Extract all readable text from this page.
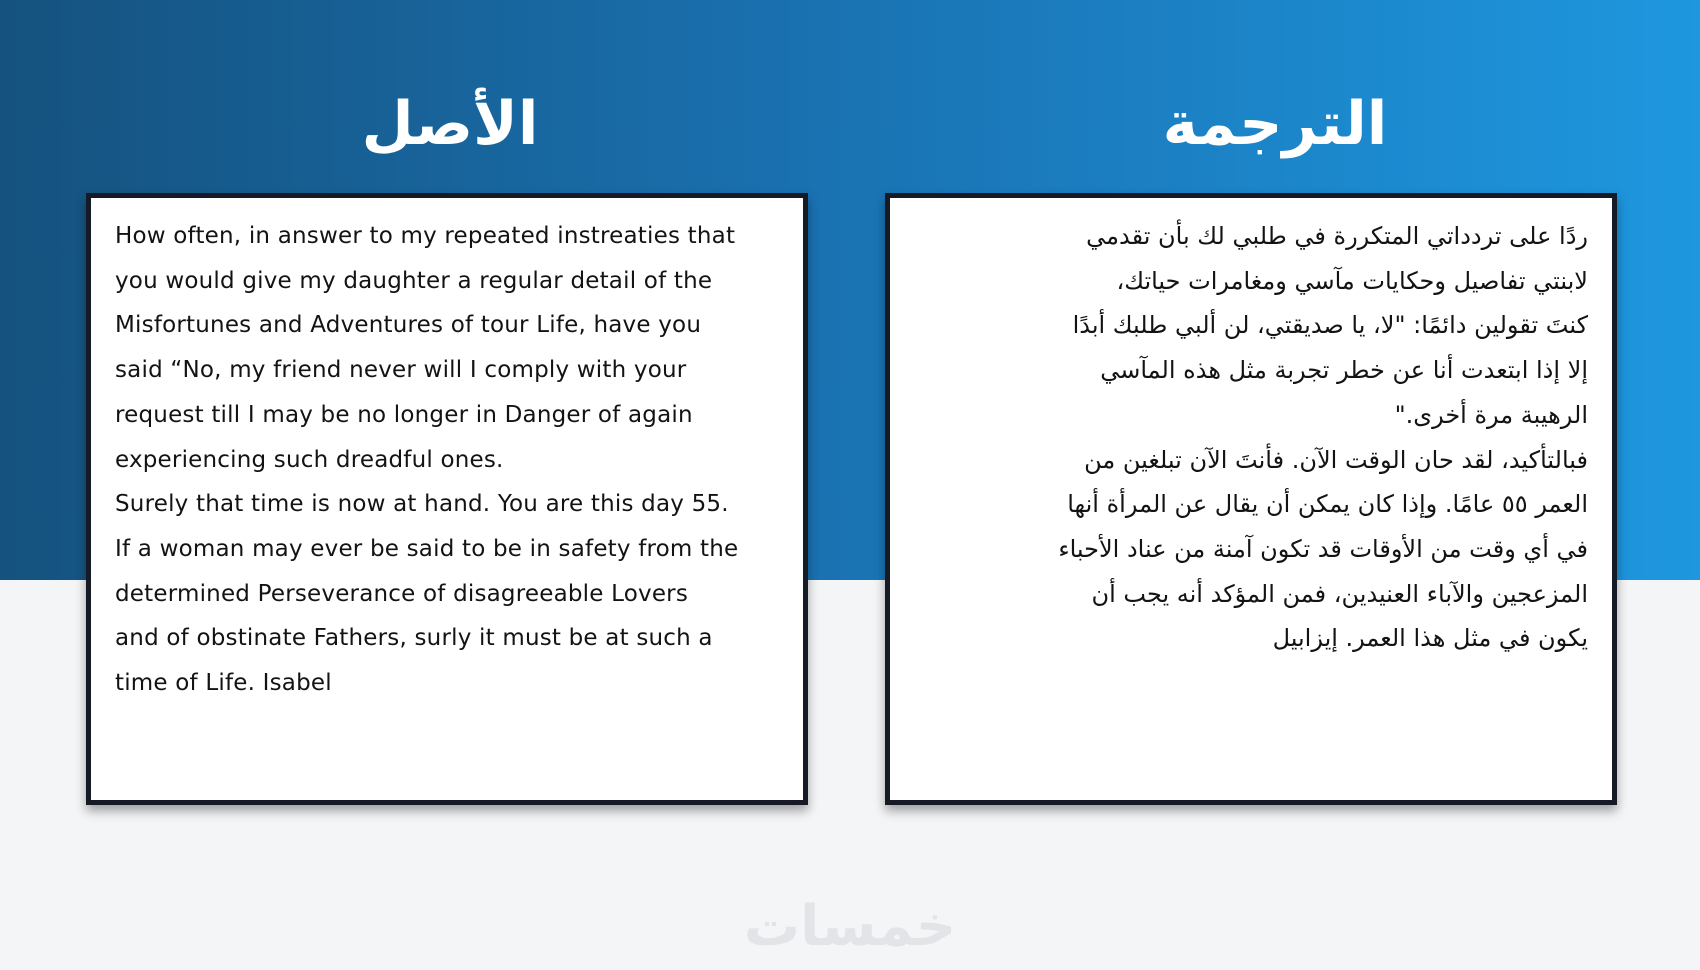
الأصل	الترجمة
How often, in answer to my repeated instreaties that
you would give my daughter a regular detail of the
Misfortunes and Adventures of tour Life, have you
said “No, my friend never will I comply with your
request till I may be no longer in Danger of again
experiencing such dreadful ones.
Surely that time is now at hand. You are this day 55.
If a woman may ever be said to be in safety from the
determined Perseverance of disagreeable Lovers
and of obstinate Fathers, surly it must be at such a
time of Life. Isabel
ردًا على تردداتي المتكررة في طلبي لك بأن تقدمي
لابنتي تفاصيل وحكايات مآسي ومغامرات حياتك،
كنتَ تقولين دائمًا: "لا، يا صديقتي، لن ألبي طلبك أبدًا
إلا إذا ابتعدت أنا عن خطر تجربة مثل هذه المآسي
الرهيبة مرة أخرى."
فبالتأكيد، لقد حان الوقت الآن. فأنتَ الآن تبلغين من
العمر ٥٥ عامًا. وإذا كان يمكن أن يقال عن المرأة أنها
في أي وقت من الأوقات قد تكون آمنة من عناد الأحباء
المزعجين والآباء العنيدين، فمن المؤكد أنه يجب أن
يكون في مثل هذا العمر. إيزابيل
خمسات
